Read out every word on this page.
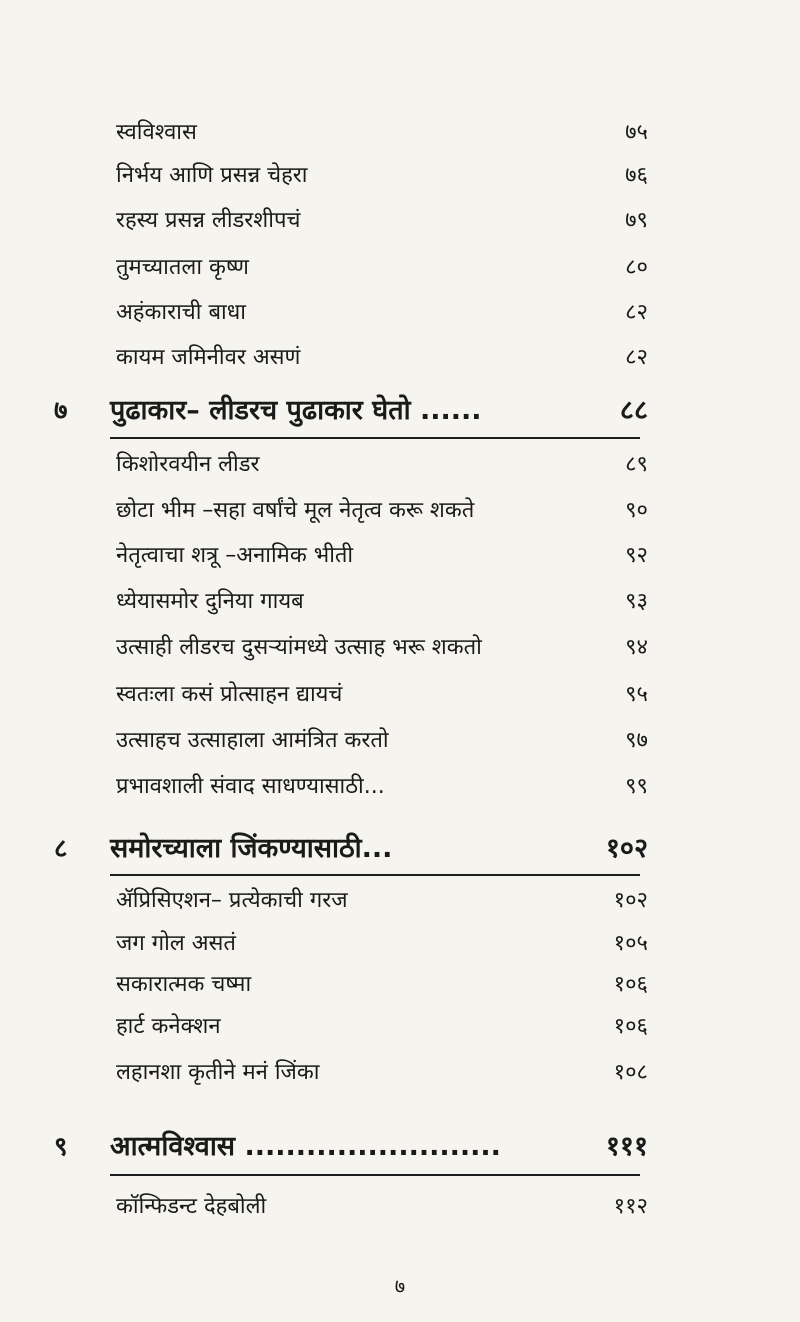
स्वविश्वास	७५
निर्भय आणि प्रसन्न चेहरा	७६
रहस्य प्रसन्न लीडरशीपचं	७९
तुमच्यातला कृष्ण	८०
अहंकाराची बाधा	८२
कायम जमिनीवर असणं	८२
७ पुढाकार– लीडरच पुढाकार घेतो ......	८८
किशोरवयीन लीडर	८९
छोटा भीम –सहा वर्षांचे मूल नेतृत्व करू शकते	९०
नेतृत्वाचा शत्रू –अनामिक भीती	९२
ध्येयासमोर दुनिया गायब	९३
उत्साही लीडरच दुसऱ्यांमध्ये उत्साह भरू शकतो	९४
स्वतःला कसं प्रोत्साहन द्यायचं	९५
उत्साहच उत्साहाला आमंत्रित करतो	९७
प्रभावशाली संवाद साधण्यासाठी...	९९
८ समोरच्याला जिंकण्यासाठी...	१०२
ॲप्रिसिएशन– प्रत्येकाची गरज	१०२
जग गोल असतं	१०५
सकारात्मक चष्मा	१०६
हार्ट कनेक्शन	१०६
लहानशा कृतीने मनं जिंका	१०८
९ आत्मविश्वास .........................	१११
कॉन्फिडन्ट देहबोली	११२
७
